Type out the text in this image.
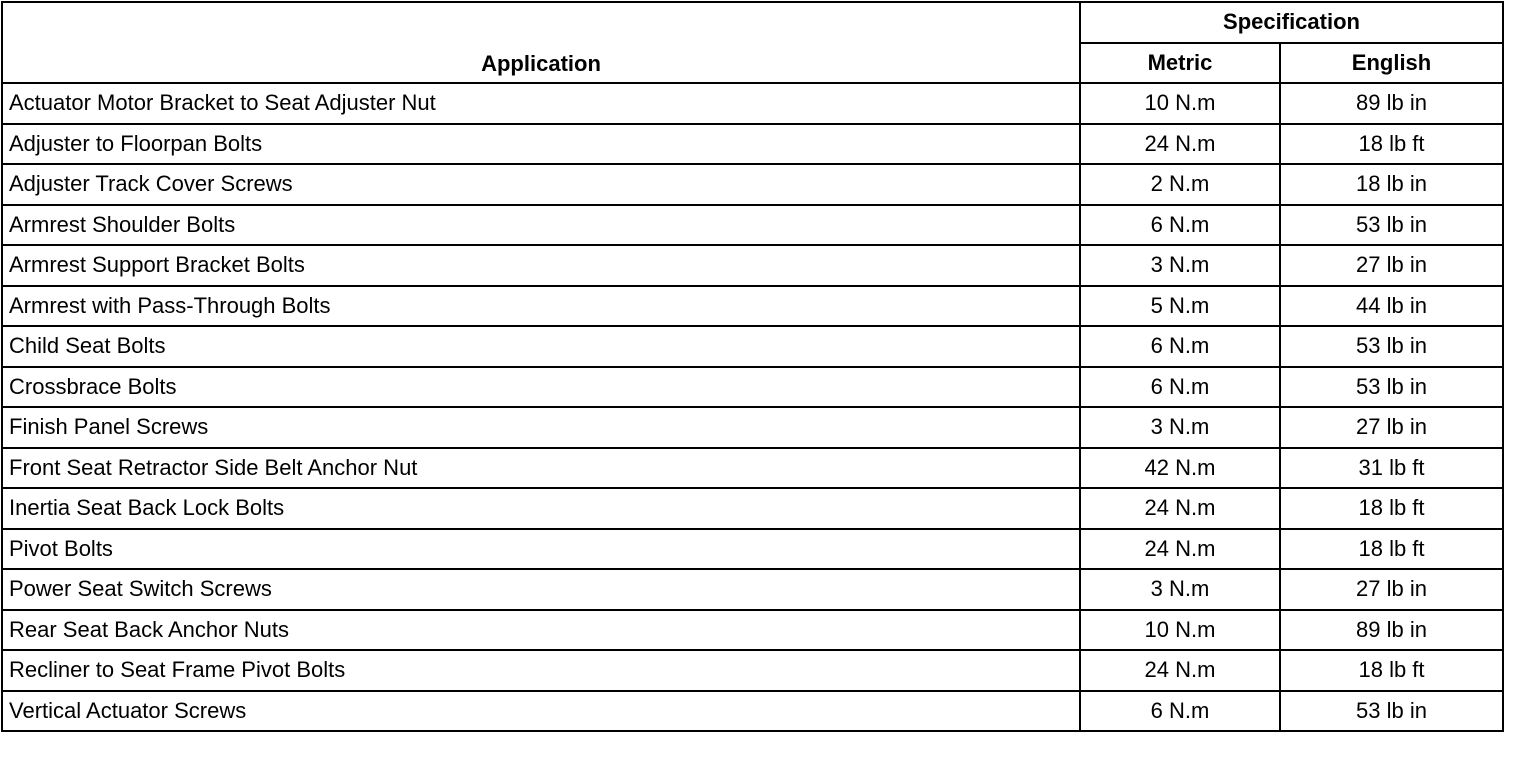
Application	Specification	
	Metric	English
Actuator Motor Bracket to Seat Adjuster Nut	10 N.m	89 lb in
Adjuster to Floorpan Bolts	24 N.m	18 lb ft
Adjuster Track Cover Screws	2 N.m	18 lb in
Armrest Shoulder Bolts	6 N.m	53 lb in
Armrest Support Bracket Bolts	3 N.m	27 lb in
Armrest with Pass-Through Bolts	5 N.m	44 lb in
Child Seat Bolts	6 N.m	53 lb in
Crossbrace Bolts	6 N.m	53 lb in
Finish Panel Screws	3 N.m	27 lb in
Front Seat Retractor Side Belt Anchor Nut	42 N.m	31 lb ft
Inertia Seat Back Lock Bolts	24 N.m	18 lb ft
Pivot Bolts	24 N.m	18 lb ft
Power Seat Switch Screws	3 N.m	27 lb in
Rear Seat Back Anchor Nuts	10 N.m	89 lb in
Recliner to Seat Frame Pivot Bolts	24 N.m	18 lb ft
Vertical Actuator Screws	6 N.m	53 lb in
